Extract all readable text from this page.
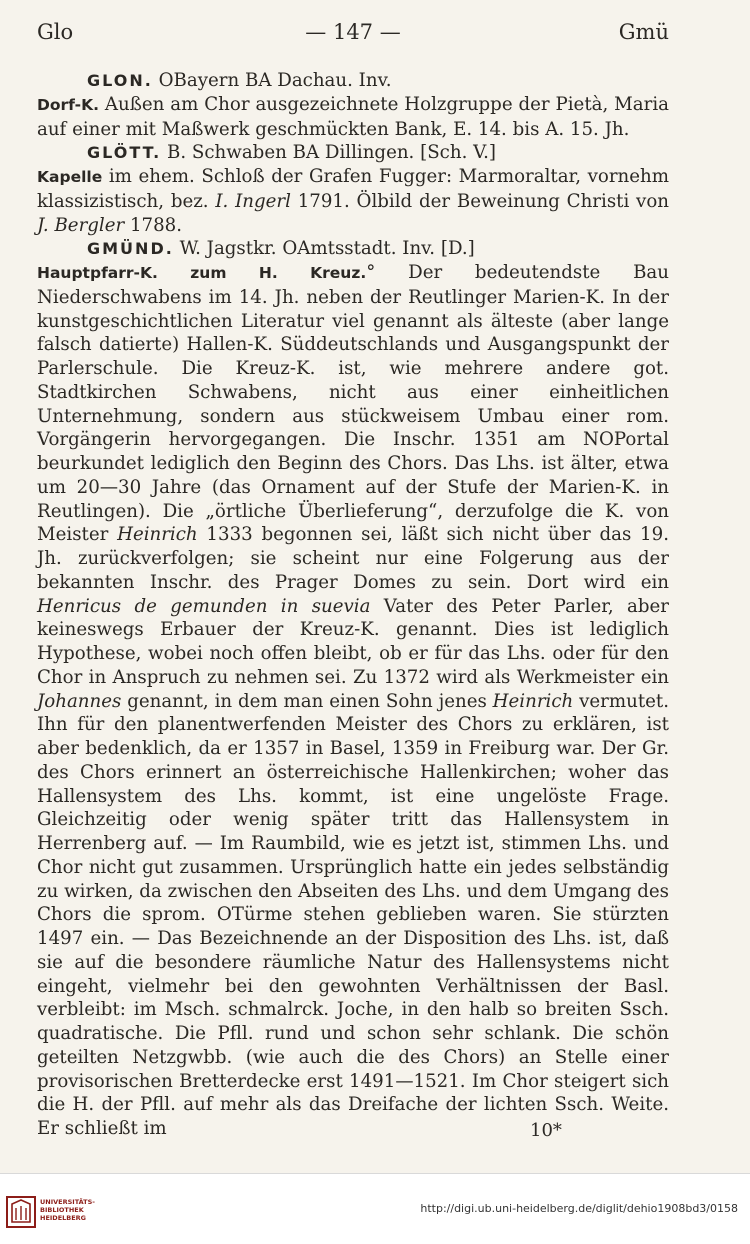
Glo	— 147 —	Gmü

GLON. OBayern BA Dachau. Inv.

Dorf-K. Außen am Chor ausgezeichnete Holzgruppe der Pietà, Maria auf einer mit Maßwerk geschmückten Bank, E. 14. bis A. 15. Jh.

GLÖTT. B. Schwaben BA Dillingen. [Sch. V.]

Kapelle im ehem. Schloß der Grafen Fugger: Marmoraltar, vornehm klassizistisch, bez. I. Ingerl 1791. Ölbild der Beweinung Christi von J. Bergler 1788.

GMÜND. W. Jagstkr. OAmtsstadt. Inv. [D.]

Hauptpfarr-K. zum H. Kreuz.° Der bedeutendste Bau Niederschwabens im 14. Jh. neben der Reutlinger Marien-K. In der kunstgeschichtlichen Literatur viel genannt als älteste (aber lange falsch datierte) Hallen-K. Süddeutschlands und Ausgangspunkt der Parlerschule. Die Kreuz-K. ist, wie mehrere andere got. Stadtkirchen Schwabens, nicht aus einer einheitlichen Unternehmung, sondern aus stückweisem Umbau einer rom. Vorgängerin hervorgegangen. Die Inschr. 1351 am NOPortal beurkundet lediglich den Beginn des Chors. Das Lhs. ist älter, etwa um 20—30 Jahre (das Ornament auf der Stufe der Marien-K. in Reutlingen). Die „örtliche Überlieferung“, derzufolge die K. von Meister Heinrich 1333 begonnen sei, läßt sich nicht über das 19. Jh. zurückverfolgen; sie scheint nur eine Folgerung aus der bekannten Inschr. des Prager Domes zu sein. Dort wird ein Henricus de gemunden in suevia Vater des Peter Parler, aber keineswegs Erbauer der Kreuz-K. genannt. Dies ist lediglich Hypothese, wobei noch offen bleibt, ob er für das Lhs. oder für den Chor in Anspruch zu nehmen sei. Zu 1372 wird als Werkmeister ein Johannes genannt, in dem man einen Sohn jenes Heinrich vermutet. Ihn für den planentwerfenden Meister des Chors zu erklären, ist aber bedenklich, da er 1357 in Basel, 1359 in Freiburg war. Der Gr. des Chors erinnert an österreichische Hallenkirchen; woher das Hallensystem des Lhs. kommt, ist eine ungelöste Frage. Gleichzeitig oder wenig später tritt das Hallensystem in Herrenberg auf. — Im Raumbild, wie es jetzt ist, stimmen Lhs. und Chor nicht gut zusammen. Ursprünglich hatte ein jedes selbständig zu wirken, da zwischen den Abseiten des Lhs. und dem Umgang des Chors die sprom. OTürme stehen geblieben waren. Sie stürzten 1497 ein. — Das Bezeichnende an der Disposition des Lhs. ist, daß sie auf die besondere räumliche Natur des Hallensystems nicht eingeht, vielmehr bei den gewohnten Verhältnissen der Basl. verbleibt: im Msch. schmalrck. Joche, in den halb so breiten Ssch. quadratische. Die Pfll. rund und schon sehr schlank. Die schön geteilten Netzgwbb. (wie auch die des Chors) an Stelle einer provisorischen Bretterdecke erst 1491—1521. Im Chor steigert sich die H. der Pfll. auf mehr als das Dreifache der lichten Ssch. Weite. Er schließt im	10*
UNIVERSITÄTS-
BIBLIOTHEK
HEIDELBERG
http://digi.ub.uni-heidelberg.de/diglit/dehio1908bd3/0158
